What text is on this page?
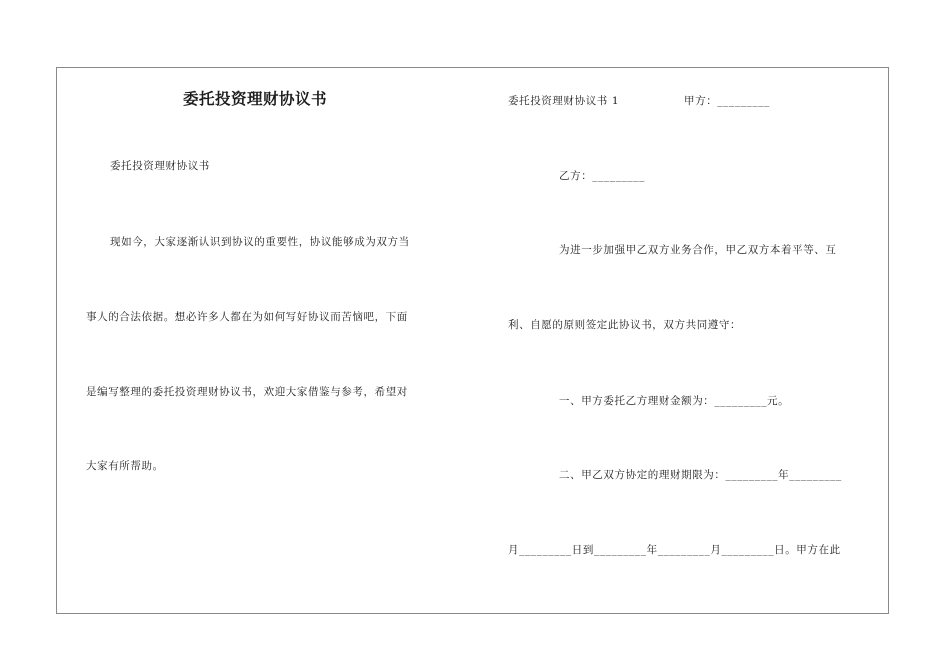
委托投资理财协议书
委托投资理财协议书
现如今，大家逐渐认识到协议的重要性，协议能够成为双方当
事人的合法依据。想必许多人都在为如何写好协议而苦恼吧，下面
是编写整理的委托投资理财协议书，欢迎大家借鉴与参考，希望对
大家有所帮助。
委托投资理财协议书 1	甲方：_________
乙方：_________
为进一步加强甲乙双方业务合作，甲乙双方本着平等、互
利、自愿的原则签定此协议书，双方共同遵守：
一、甲方委托乙方理财金额为：_________元。
二、甲乙双方协定的理财期限为：_________年_________
月_________日到_________年_________月_________日。甲方在此
